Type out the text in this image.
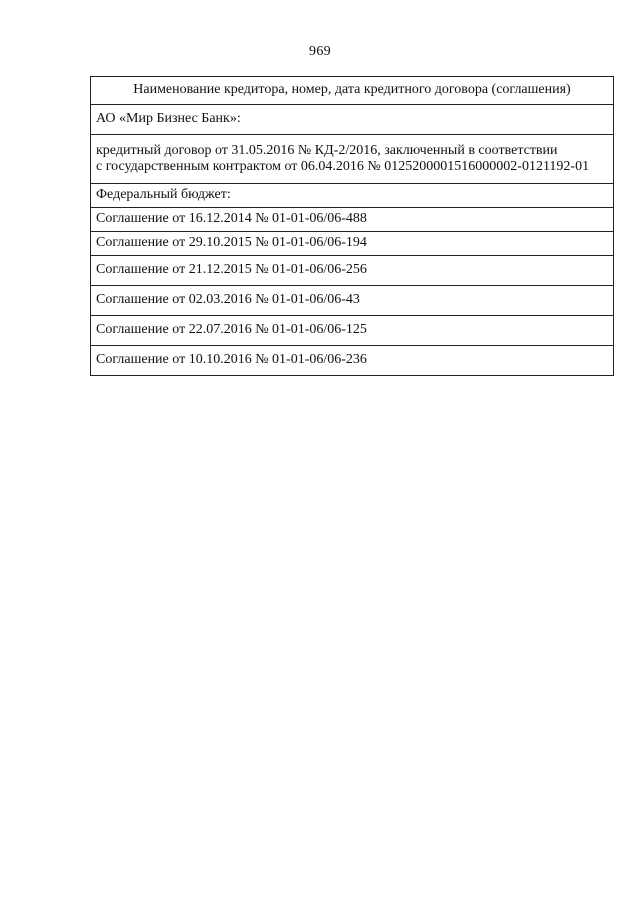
969
Наименование кредитора, номер, дата кредитного договора (соглашения)
АО «Мир Бизнес Банк»:

кредитный договор от 31.05.2016 № КД-2/2016, заключенный в соответствии
с государственным контрактом от 06.04.2016 № 0125200001516000002-0121192-01

Федеральный бюджет:
Соглашение от 16.12.2014 № 01-01-06/06-488
Соглашение от 29.10.2015 № 01-01-06/06-194
Соглашение от 21.12.2015 № 01-01-06/06-256
Соглашение от 02.03.2016 № 01-01-06/06-43
Соглашение от 22.07.2016 № 01-01-06/06-125
Соглашение от 10.10.2016 № 01-01-06/06-236
